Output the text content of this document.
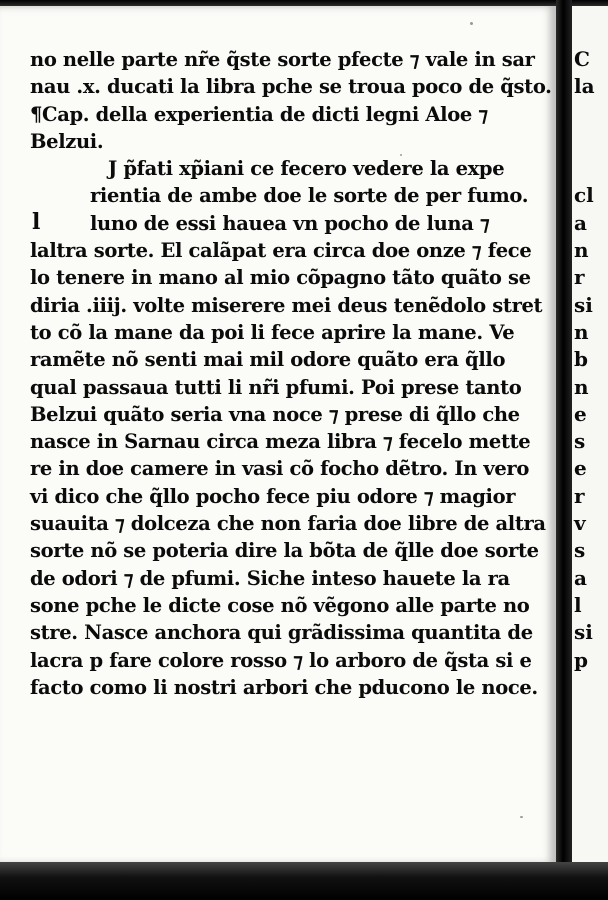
no nelle parte nr̃e q̃ste sorte pfecte ⁊ vale in sar
nau .x. ducati la libra pche se troua poco de q̃sto.
¶Cap. della experientia de dicti legni Aloe ⁊
Belzui.
J p̃fati xp̃iani ce fecero vedere la expe
rientia de ambe doe le sorte de per fumo.
luno de essi hauea vn pocho de luna ⁊
laltra sorte. El calãpat era circa doe onze ⁊ fece
lo tenere in mano al mio cõpagno tãto quãto se
diria .iiij. volte miserere mei deus tenẽdolo stret
to cõ la mane da poi li fece aprire la mane. Ve
ramẽte nõ senti mai mil odore quãto era q̃llo
qual passaua tutti li nr̃i pfumi. Poi prese tanto
Belzui quãto seria vna noce ⁊ prese di q̃llo che
nasce in Sarnau circa meza libra ⁊ fecelo mette
re in doe camere in vasi cõ focho dẽtro. In vero
vi dico che q̃llo pocho fece piu odore ⁊ magior
suauita ⁊ dolceza che non faria doe libre de altra
sorte nõ se poteria dire la bõta de q̃lle doe sorte
de odori ⁊ de pfumi. Siche inteso hauete la ra
sone pche le dicte cose nõ vẽgono alle parte no
stre. Nasce anchora qui grãdissima quantita de
lacra p fare colore rosso ⁊ lo arboro de q̃sta si e
facto como li nostri arbori che pducono le noce.
l
C
la
cl
a
n
r
si
n
b
n
e
s
e
r
v
s
a
l
si
p
